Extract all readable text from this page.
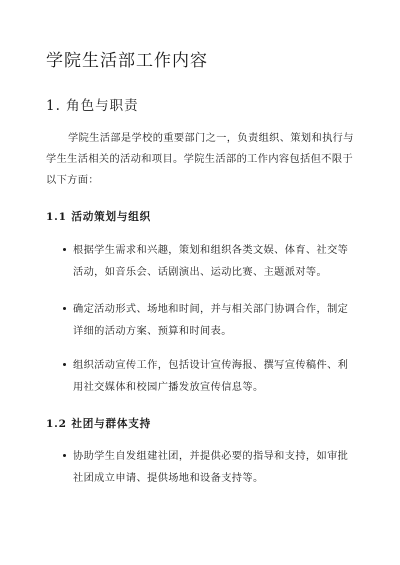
学院生活部工作内容
1. 角色与职责
学院生活部是学校的重要部门之一，负责组织、策划和执行与
学生生活相关的活动和项目。学院生活部的工作内容包括但不限于
以下方面：
1.1 活动策划与组织
根据学生需求和兴趣，策划和组织各类文娱、体育、社交等
活动，如音乐会、话剧演出、运动比赛、主题派对等。
确定活动形式、场地和时间，并与相关部门协调合作，制定
详细的活动方案、预算和时间表。
组织活动宣传工作，包括设计宣传海报、撰写宣传稿件、利
用社交媒体和校园广播发放宣传信息等。
1.2 社团与群体支持
协助学生自发组建社团，并提供必要的指导和支持，如审批
社团成立申请、提供场地和设备支持等。
